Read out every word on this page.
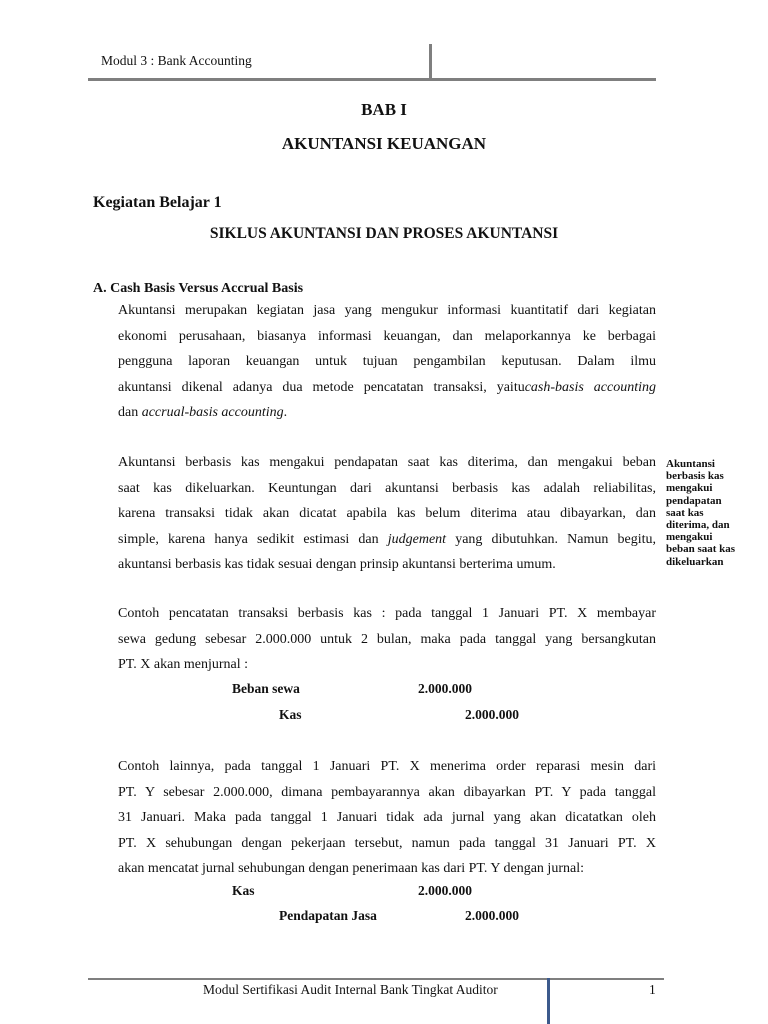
Modul 3 : Bank Accounting
BAB I
AKUNTANSI KEUANGAN
Kegiatan Belajar 1
SIKLUS AKUNTANSI DAN PROSES AKUNTANSI
A. Cash Basis Versus Accrual Basis
Akuntansi merupakan kegiatan jasa yang mengukur informasi kuantitatif dari kegiatan
ekonomi perusahaan, biasanya informasi keuangan, dan melaporkannya ke berbagai
pengguna laporan keuangan untuk tujuan pengambilan keputusan. Dalam ilmu
akuntansi dikenal adanya dua metode pencatatan transaksi, yaitucash-basis accounting
dan accrual-basis accounting.
Akuntansi berbasis kas mengakui pendapatan saat kas diterima, dan mengakui beban
saat kas dikeluarkan. Keuntungan dari akuntansi berbasis kas adalah reliabilitas,
karena transaksi tidak akan dicatat apabila kas belum diterima atau dibayarkan, dan
simple, karena hanya sedikit estimasi dan judgement yang dibutuhkan. Namun begitu,
akuntansi berbasis kas tidak sesuai dengan prinsip akuntansi berterima umum.
Akuntansi
berbasis kas
mengakui
pendapatan
saat kas
diterima, dan
mengakui
beban saat kas
dikeluarkan
Contoh pencatatan transaksi berbasis kas : pada tanggal 1 Januari PT. X membayar
sewa gedung sebesar 2.000.000 untuk 2 bulan, maka pada tanggal yang bersangkutan
PT. X akan menjurnal :
Beban sewa	2.000.000
Kas	2.000.000
Contoh lainnya, pada tanggal 1 Januari PT. X menerima order reparasi mesin dari
PT. Y sebesar 2.000.000, dimana pembayarannya akan dibayarkan PT. Y pada tanggal
31 Januari. Maka pada tanggal 1 Januari tidak ada jurnal yang akan dicatatkan oleh
PT. X sehubungan dengan pekerjaan tersebut, namun pada tanggal 31 Januari PT. X
akan mencatat jurnal sehubungan dengan penerimaan kas dari PT. Y dengan jurnal:
Kas	2.000.000
Pendapatan Jasa	2.000.000
Modul Sertifikasi Audit Internal Bank Tingkat Auditor	1
